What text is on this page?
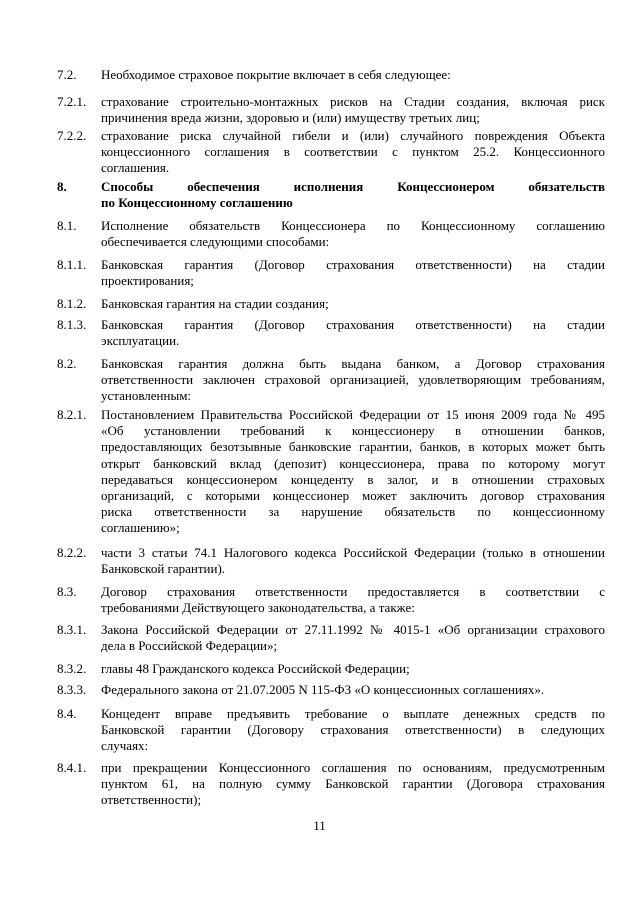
7.2.	Необходимое страховое покрытие включает в себя следующее:
7.2.1.	страхование строительно-монтажных рисков на Стадии создания, включая риск
причинения вреда жизни, здоровью и (или) имуществу третьих лиц;
7.2.2.	страхование риска случайной гибели и (или) случайного повреждения Объекта
концессионного соглашения в соответствии с пунктом 25.2. Концессионного
соглашения.
8.	Способы обеспечения исполнения Концессионером обязательств
по Концессионному соглашению
8.1.	Исполнение обязательств Концессионера по Концессионному соглашению
обеспечивается следующими способами:
8.1.1.	Банковская гарантия (Договор страхования ответственности) на стадии
проектирования;
8.1.2.	Банковская гарантия на стадии создания;
8.1.3.	Банковская гарантия (Договор страхования ответственности) на стадии
эксплуатации.
8.2.	Банковская гарантия должна быть выдана банком, а Договор страхования
ответственности заключен страховой организацией, удовлетворяющим требованиям,
установленным:
8.2.1.	Постановлением Правительства Российской Федерации от 15 июня 2009 года № 495
«Об установлении требований к концессионеру в отношении банков,
предоставляющих безотзывные банковские гарантии, банков, в которых может быть
открыт банковский вклад (депозит) концессионера, права по которому могут
передаваться концессионером концеденту в залог, и в отношении страховых
организаций, с которыми концессионер может заключить договор страхования
риска ответственности за нарушение обязательств по концессионному
соглашению»;
8.2.2.	части 3 статьи 74.1 Налогового кодекса Российской Федерации (только в отношении
Банковской гарантии).
8.3.	Договор страхования ответственности предоставляется в соответствии с
требованиями Действующего законодательства, а также:
8.3.1.	Закона Российской Федерации от 27.11.1992 № 4015-1 «Об организации страхового
дела в Российской Федерации»;
8.3.2.	главы 48 Гражданского кодекса Российской Федерации;
8.3.3.	Федерального закона от 21.07.2005 N 115-ФЗ «О концессионных соглашениях».
8.4.	Концедент вправе предъявить требование о выплате денежных средств по
Банковской гарантии (Договору страхования ответственности) в следующих
случаях:
8.4.1.	при прекращении Концессионного соглашения по основаниям, предусмотренным
пунктом 61, на полную сумму Банковской гарантии (Договора страхования
ответственности);
11
